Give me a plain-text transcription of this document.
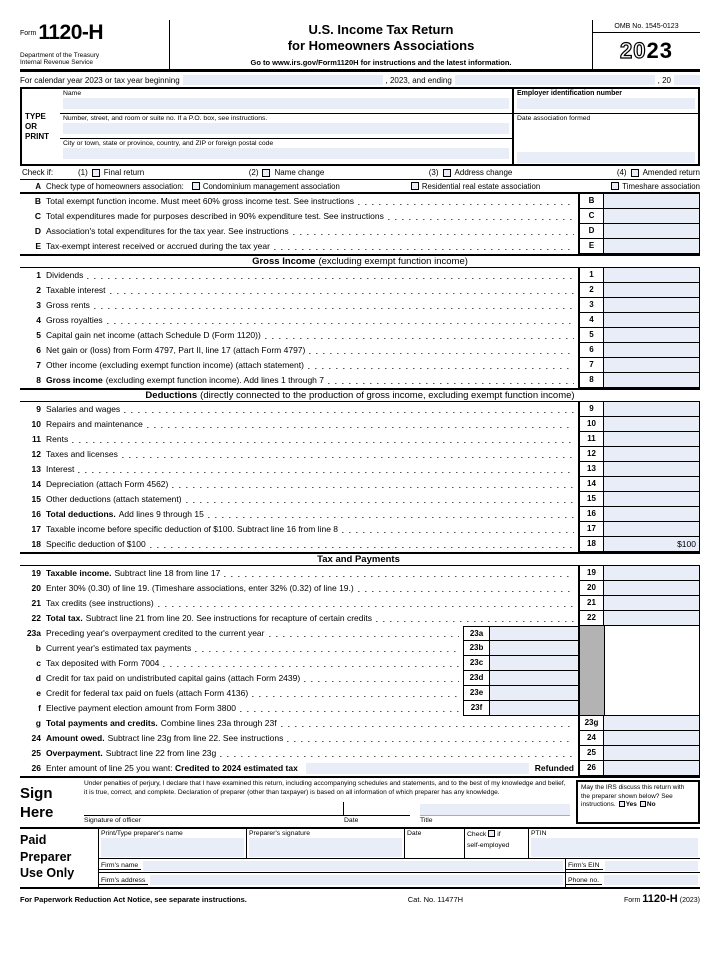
Form 1120-H
Department of the Treasury
Internal Revenue Service
U.S. Income Tax Return
for Homeowners Associations
Go to www.irs.gov/Form1120H for instructions and the latest information.
OMB No. 1545-0123
20 23
For calendar year 2023 or tax year beginning	, 2023, and ending	, 20
TYPE
OR
PRINT
Name
Number, street, and room or suite no. If a P.O. box, see instructions.
City or town, state or province, country, and ZIP or foreign postal code
Employer identification number
Date association formed
Check if:	(1) Final return	(2) Name change	(3) Address change	(4) Amended return
A Check type of homeowners association: Condominium management association	Residential real estate association	Timeshare association
B Total exempt function income. Must meet 60% gross income test. See instructions	B
C Total expenditures made for purposes described in 90% expenditure test. See instructions	C
D Association's total expenditures for the tax year. See instructions	D
E Tax-exempt interest received or accrued during the tax year	E
Gross Income (excluding exempt function income)
1 Dividends	1
2 Taxable interest	2
3 Gross rents	3
4 Gross royalties	4
5 Capital gain net income (attach Schedule D (Form 1120))	5
6 Net gain or (loss) from Form 4797, Part II, line 17 (attach Form 4797)	6
7 Other income (excluding exempt function income) (attach statement)	7
8 Gross income (excluding exempt function income). Add lines 1 through 7	8
Deductions (directly connected to the production of gross income, excluding exempt function income)
9 Salaries and wages	9
10 Repairs and maintenance	10
11 Rents	11
12 Taxes and licenses	12
13 Interest	13
14 Depreciation (attach Form 4562)	14
15 Other deductions (attach statement)	15
16 Total deductions. Add lines 9 through 15	16
17 Taxable income before specific deduction of $100. Subtract line 16 from line 8	17
18 Specific deduction of $100	18	$100
Tax and Payments
19 Taxable income. Subtract line 18 from line 17	19
20 Enter 30% (0.30) of line 19. (Timeshare associations, enter 32% (0.32) of line 19.)	20
21 Tax credits (see instructions)	21
22 Total tax. Subtract line 21 from line 20. See instructions for recapture of certain credits	22
23a Preceding year's overpayment credited to the current year	23a
b Current year's estimated tax payments	23b
c Tax deposited with Form 7004	23c
d Credit for tax paid on undistributed capital gains (attach Form 2439)	23d
e Credit for federal tax paid on fuels (attach Form 4136)	23e
f Elective payment election amount from Form 3800	23f
g Total payments and credits. Combine lines 23a through 23f	23g
24 Amount owed. Subtract line 23g from line 22. See instructions	24
25 Overpayment. Subtract line 22 from line 23g	25
26 Enter amount of line 25 you want: Credited to 2024 estimated tax	Refunded	26
Sign
Here
Under penalties of perjury, I declare that I have examined this return, including accompanying schedules and statements, and to the best of my knowledge and belief, it is true, correct, and complete. Declaration of preparer (other than taxpayer) is based on all information of which preparer has any knowledge.
Signature of officer	Date	Title
May the IRS discuss this return with the preparer shown below? See instructions. Yes No
Paid
Preparer
Use Only
Print/Type preparer's name	Preparer's signature	Date	Check if
self-employed
PTIN
Firm's name	Firm's EIN
Firm's address	Phone no.
For Paperwork Reduction Act Notice, see separate instructions.	Cat. No. 11477H	Form 1120-H (2023)
